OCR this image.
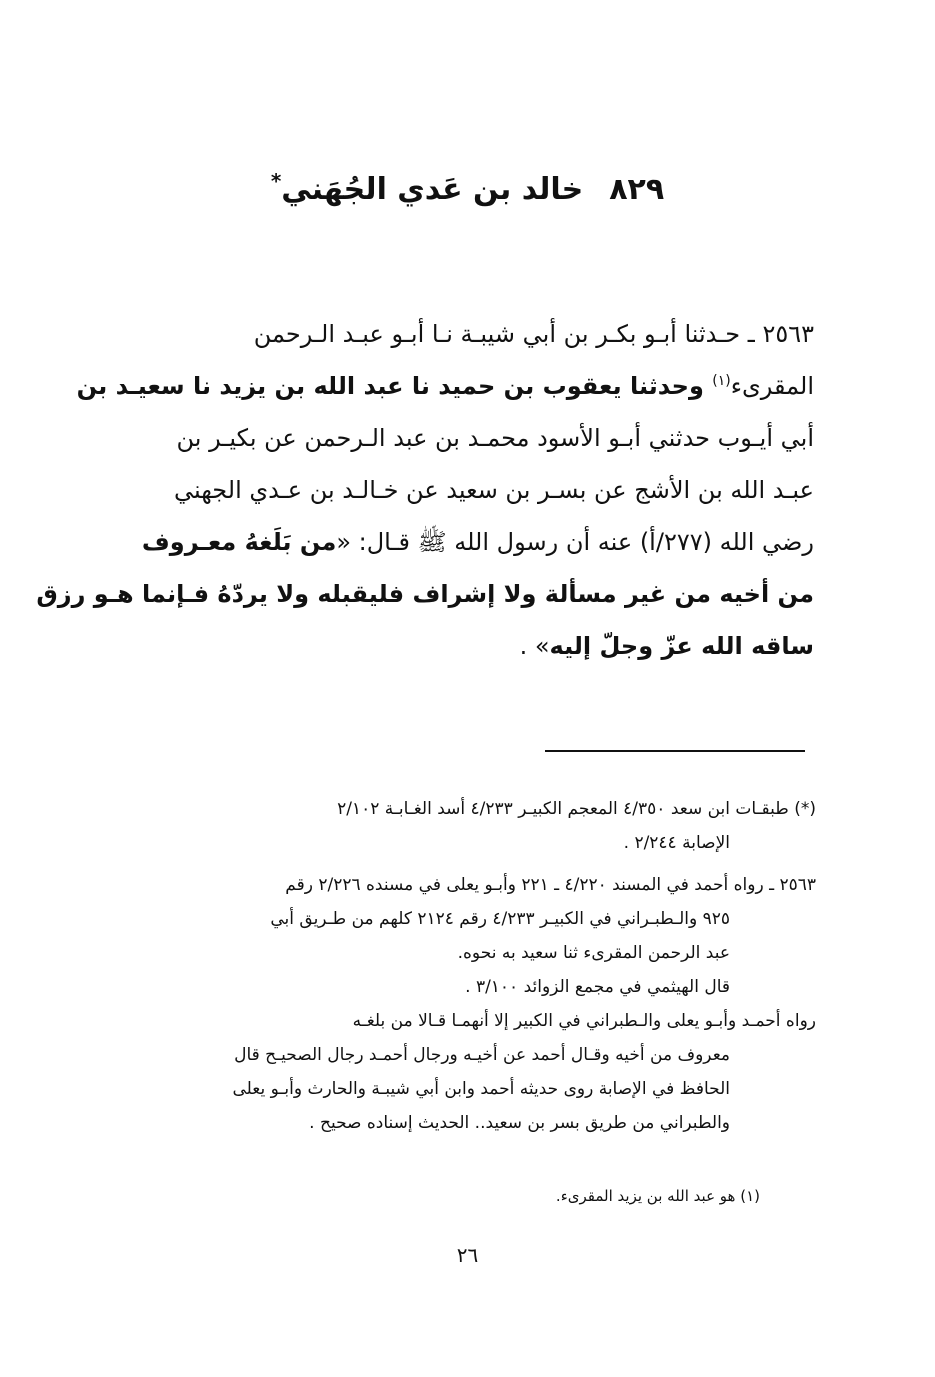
٨٢٩خالد بن عَدي الجُهَني*
٢٥٦٣ ـ حـدثنا أبـو بكـر بن أبي شيبـة نـا أبـو عبـد الـرحمن
المقرىء$^{(١)}$ وحدثنا يعقوب بن حميد نا عبد الله بن يزيد نا سعيـد بن
أبي أيـوب حدثني أبـو الأسود محمـد بن عبد الـرحمن عن بكيـر بن
عبـد الله بن الأشج عن بسـر بن سعيد عن خـالـد بن عـدي الجهني
رضي الله (٢٧٧/أ) عنه أن رسول الله ﷺ قـال: «من بَلَغهُ معـروف
من أخيه من غير مسألة ولا إشراف فليقبله ولا يردّهُ فـإنما هـو رزق
ساقه الله عزّ وجلّ إليه» .
(*) طبقـات ابن سعد ٤/٣٥٠ المعجم الكبيـر ٤/٢٣٣ أسد الغـابـة ٢/١٠٢
الإصابة ٢/٢٤٤ .
٢٥٦٣ ـ رواه أحمد في المسند ٤/٢٢٠ ـ ٢٢١ وأبـو يعلى في مسنده ٢/٢٢٦ رقم
٩٢٥ والـطبـراني في الكبيـر ٤/٢٣٣ رقم ٢١٢٤ كلهم من طـريق أبي
عبد الرحمن المقرىء ثنا سعيد به نحوه.
قال الهيثمي في مجمع الزوائد ٣/١٠٠ .
رواه أحمـد وأبـو يعلى والـطبراني في الكبير إلا أنهمـا قـالا من بلغـه
معروف من أخيه وقـال أحمد عن أخيـه ورجال أحمـد رجال الصحيـح قال
الحافظ في الإصابة روى حديثه أحمد وابن أبي شيبـة والحارث وأبـو يعلى
والطبراني من طريق بسر بن سعيد.. الحديث إسناده صحيح .
(١) هو عبد الله بن يزيد المقرىء.
٢٦
